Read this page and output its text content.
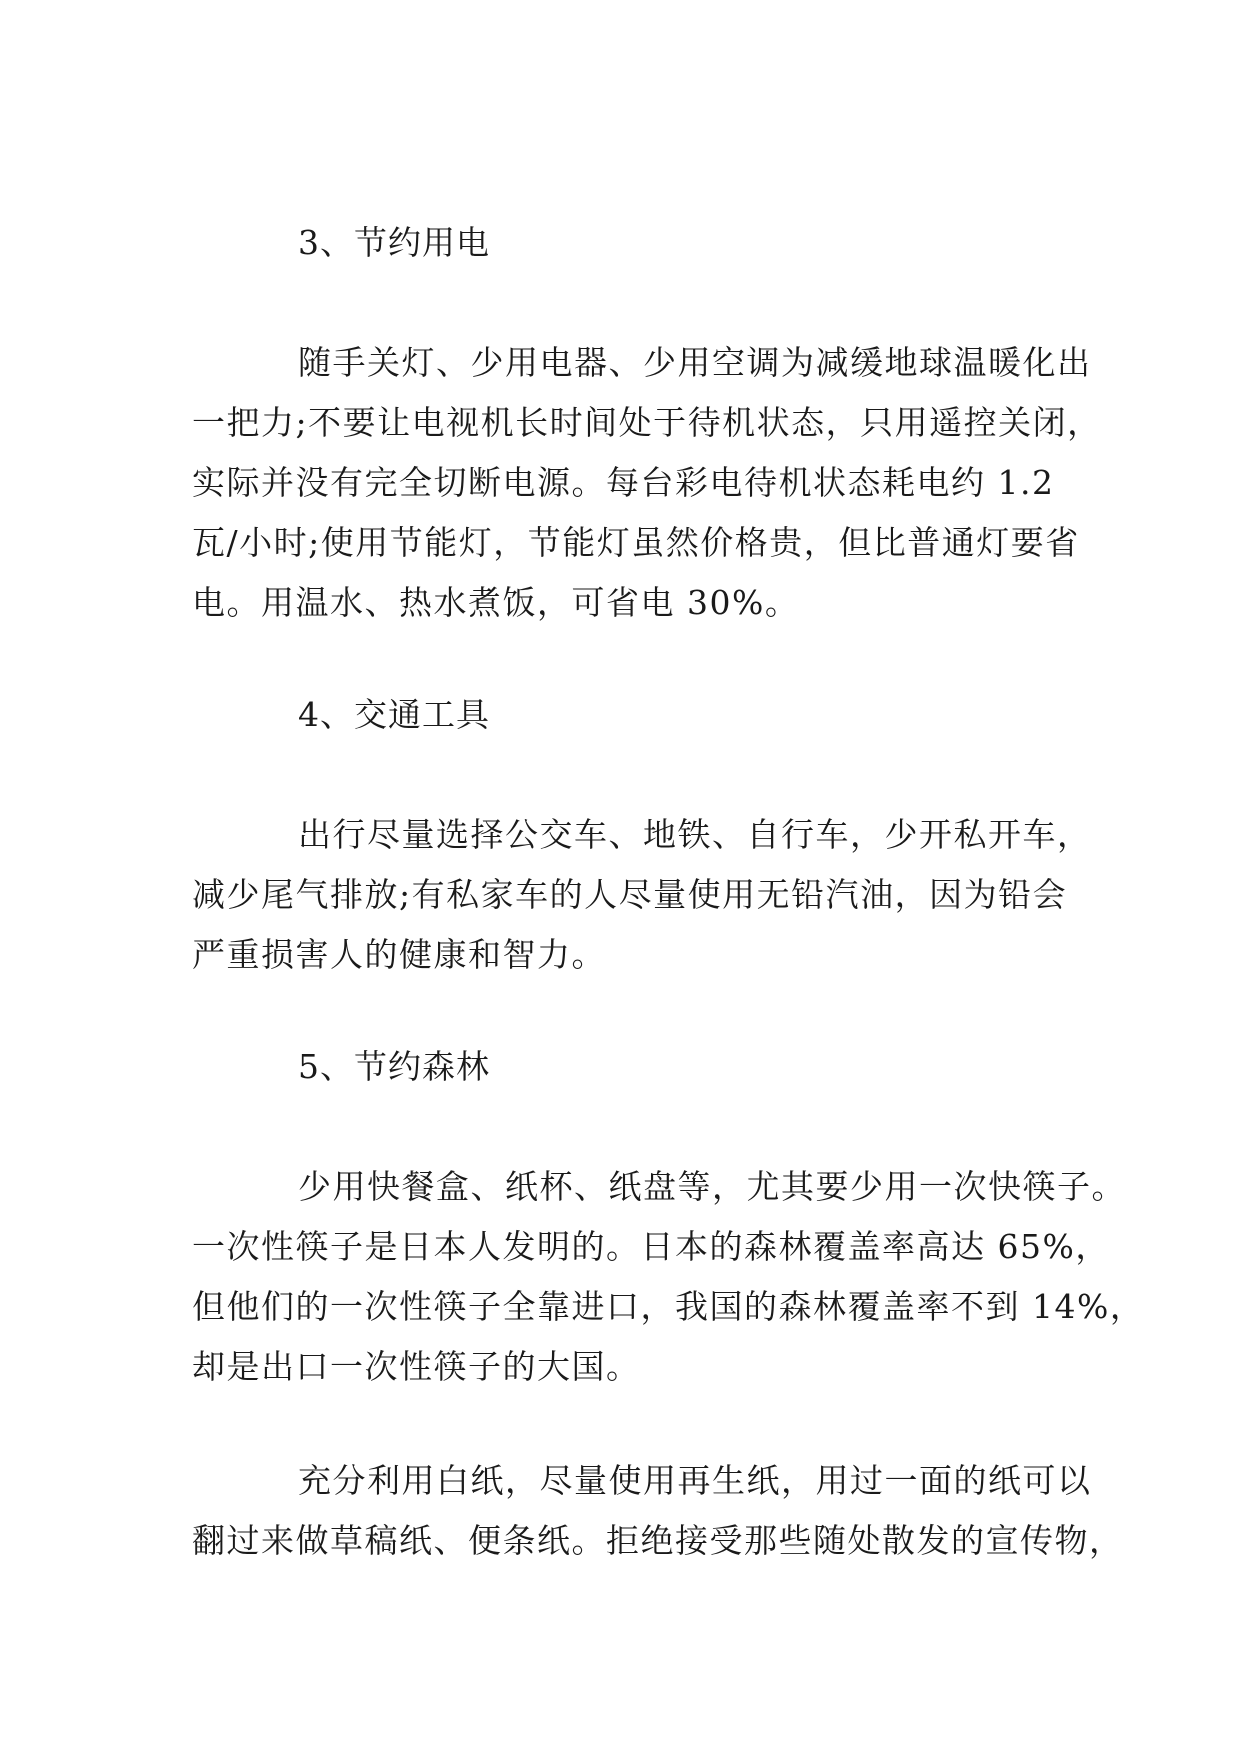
3、节约用电
随手关灯、少用电器、少用空调为减缓地球温暖化出
一把力;不要让电视机长时间处于待机状态，只用遥控关闭，
实际并没有完全切断电源。每台彩电待机状态耗电约 1.2
瓦/小时;使用节能灯，节能灯虽然价格贵，但比普通灯要省
电。用温水、热水煮饭，可省电 30%。
4、交通工具
出行尽量选择公交车、地铁、自行车，少开私开车，
减少尾气排放;有私家车的人尽量使用无铅汽油，因为铅会
严重损害人的健康和智力。
5、节约森林
少用快餐盒、纸杯、纸盘等，尤其要少用一次快筷子。
一次性筷子是日本人发明的。日本的森林覆盖率高达 65%，
但他们的一次性筷子全靠进口，我国的森林覆盖率不到 14%，
却是出口一次性筷子的大国。
充分利用白纸，尽量使用再生纸，用过一面的纸可以
翻过来做草稿纸、便条纸。拒绝接受那些随处散发的宣传物，
